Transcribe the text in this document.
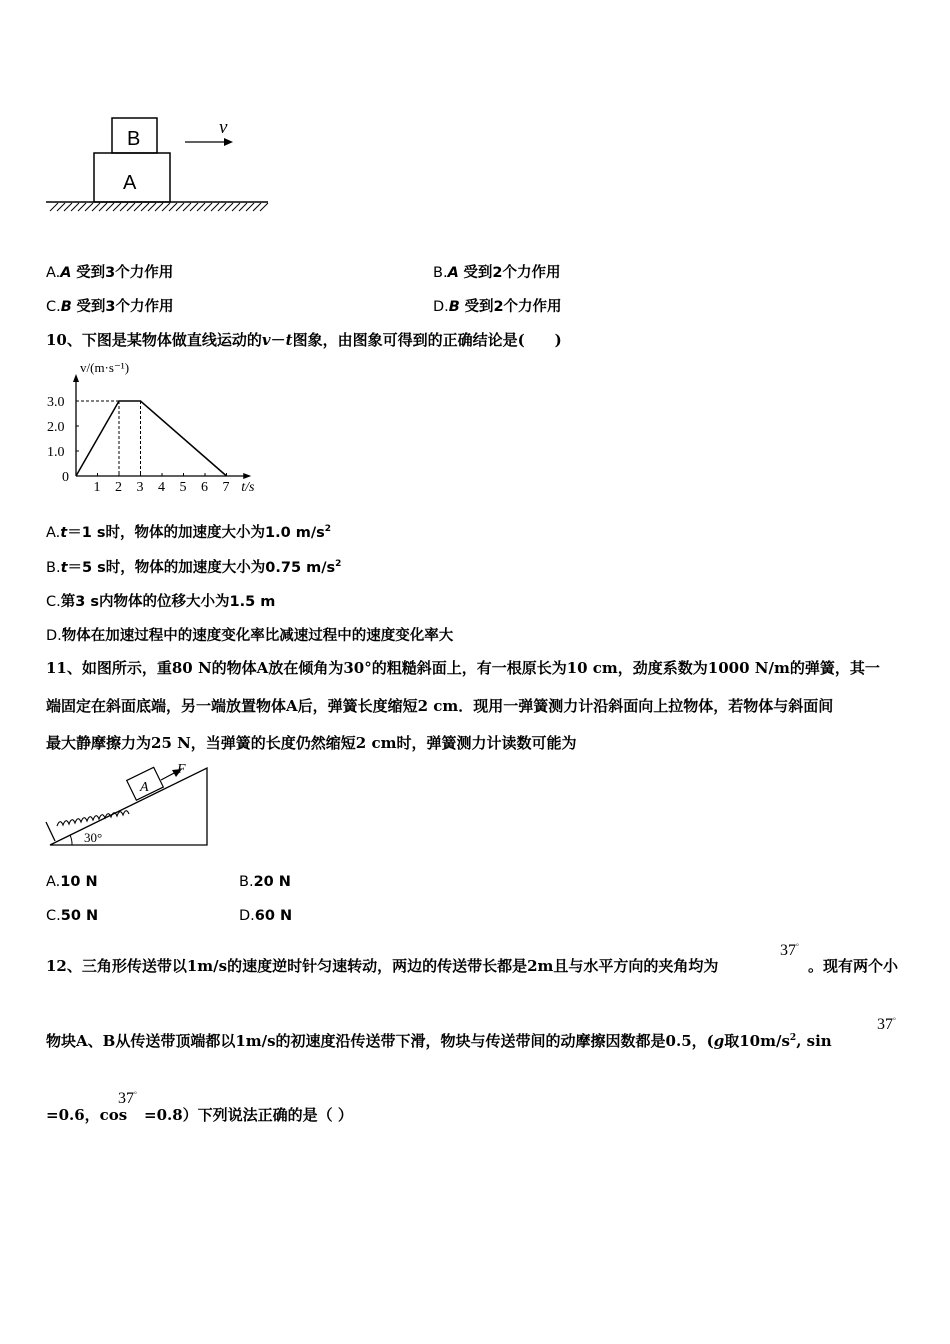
B
A
v
A.A 受到3个力作用	B.A 受到2个力作用
C.B 受到3个力作用	D.B 受到2个力作用
10、下图是某物体做直线运动的v－t图象，由图象可得到的正确结论是(　　)
1 2 3 4 5 6 7
3.0
2.0
1.0
0
v/(m·s⁻¹)
t/s
A.t＝1 s时，物体的加速度大小为1.0 $m/s^2$
B.t＝5 s时，物体的加速度大小为0.75 $m/s^2$
C.第3 s内物体的位移大小为1.5 m
D.物体在加速过程中的速度变化率比减速过程中的速度变化率大
11、如图所示，重80 N的物体A放在倾角为30°的粗糙斜面上，有一根原长为10 cm，劲度系数为1000 N/m的弹簧，其一
端固定在斜面底端，另一端放置物体A后，弹簧长度缩短2 cm．现用一弹簧测力计沿斜面向上拉物体，若物体与斜面间
最大静摩擦力为25 N，当弹簧的长度仍然缩短2 cm时，弹簧测力计读数可能为
A
F
30°
A.10 N	B.20 N
C.50 N	D.60 N
12、三角形传送带以1m/s的速度逆时针匀速转动，两边的传送带长都是2m且与水平方向的夹角均为
37°
。现有两个小
物块A、B从传送带顶端都以1m/s的初速度沿传送带下滑，物块与传送带间的动摩擦因数都是0.5，(g取$10m/s^2$, sin
37°
=0.6，cos
37°
=0.8）下列说法正确的是（ ）
